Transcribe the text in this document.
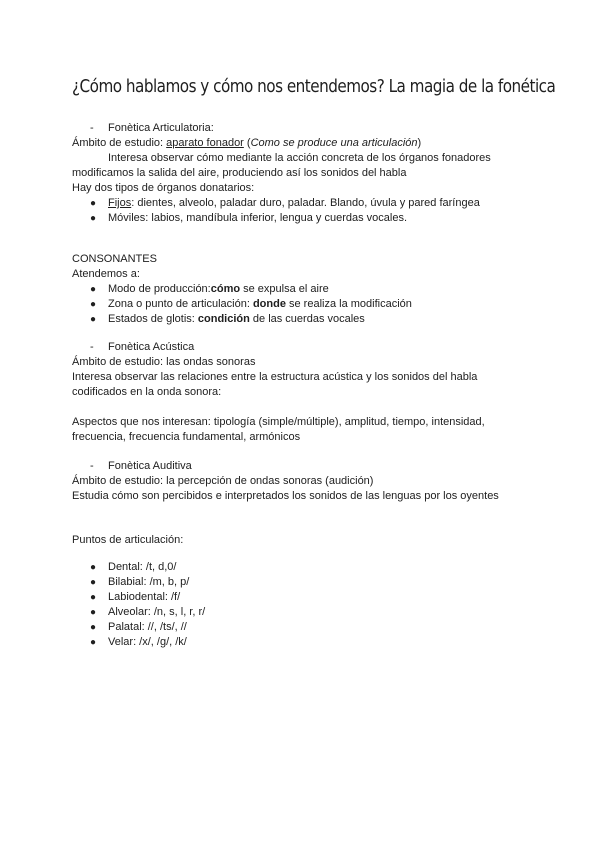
¿Cómo hablamos y cómo nos entendemos? La magia de la fonética
- Fonètica Articulatoria:
Ámbito de estudio: aparato fonador (Como se produce una articulación)
Interesa observar cómo mediante la acción concreta de los órganos fonadores
modificamos la salida del aire, produciendo así los sonidos del habla
Hay dos tipos de órganos donatarios:
● Fijos: dientes, alveolo, paladar duro, paladar. Blando, úvula y pared faríngea
● Móviles: labios, mandíbula inferior, lengua y cuerdas vocales.
CONSONANTES
Atendemos a:
● Modo de producción:cómo se expulsa el aire
● Zona o punto de articulación: donde se realiza la modificación
● Estados de glotis: condición de las cuerdas vocales
- Fonètica Acústica
Ámbito de estudio: las ondas sonoras
Interesa observar las relaciones entre la estructura acústica y los sonidos del habla
codificados en la onda sonora:

Aspectos que nos interesan: tipología (simple/múltiple), amplitud, tiempo, intensidad,
frecuencia, frecuencia fundamental, armónicos
- Fonètica Auditiva
Ámbito de estudio: la percepción de ondas sonoras (audición)
Estudia cómo son percibidos e interpretados los sonidos de las lenguas por los oyentes
Puntos de articulación:
● Dental: /t, d,0/
● Bilabial: /m, b, p/
● Labiodental: /f/
● Alveolar: /n, s, l, r, r/
● Palatal: //, /ts/, //
● Velar: /x/, /g/, /k/
